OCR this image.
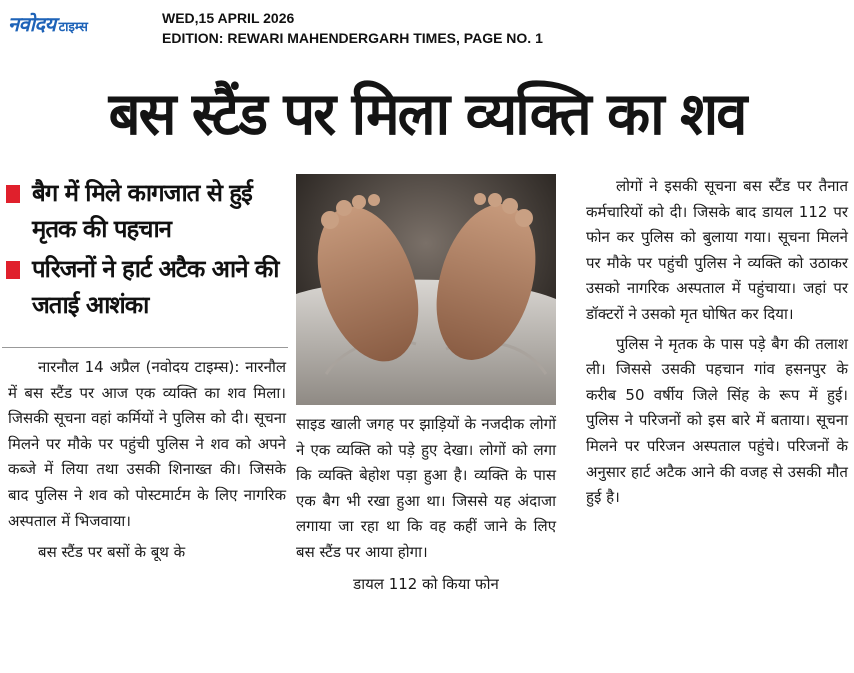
नवोदय टाइम्स
WED,15 APRIL 2026
EDITION: REWARI MAHENDERGARH TIMES, PAGE NO. 1
बस स्टैंड पर मिला व्यक्ति का शव
बैग में मिले कागजात से हुई मृतक की पहचान
परिजनों ने हार्ट अटैक आने की जताई आशंका

नारनौल 14 अप्रैल (नवोदय टाइम्स): नारनौल में बस स्टैंड पर आज एक व्यक्ति का शव मिला। जिसकी सूचना वहां कर्मियों ने पुलिस को दी। सूचना मिलने पर मौके पर पहुंची पुलिस ने शव को अपने कब्जे में लिया तथा उसकी शिनाख्त की। जिसके बाद पुलिस ने शव को पोस्टमार्टम के लिए नागरिक अस्पताल में भिजवाया।

बस स्टैंड पर बसों के बूथ के

साइड खाली जगह पर झाड़ियों के नजदीक लोगों ने एक व्यक्ति को पड़े हुए देखा। लोगों को लगा कि व्यक्ति बेहोश पड़ा हुआ है। व्यक्ति के पास एक बैग भी रखा हुआ था। जिससे यह अंदाजा लगाया जा रहा था कि वह कहीं जाने के लिए बस स्टैंड पर आया होगा।

डायल 112 को किया फोन

लोगों ने इसकी सूचना बस स्टैंड पर तैनात कर्मचारियों को दी। जिसके बाद डायल 112 पर फोन कर पुलिस को बुलाया गया। सूचना मिलने पर मौके पर पहुंची पुलिस ने व्यक्ति को उठाकर उसको नागरिक अस्पताल में पहुंचाया। जहां पर डॉक्टरों ने उसको मृत घोषित कर दिया।

पुलिस ने मृतक के पास पड़े बैग की तलाश ली। जिससे उसकी पहचान गांव हसनपुर के करीब 50 वर्षीय जिले सिंह के रूप में हुई। पुलिस ने परिजनों को इस बारे में बताया। सूचना मिलने पर परिजन अस्पताल पहुंचे। परिजनों के अनुसार हार्ट अटैक आने की वजह से उसकी मौत हुई है।
